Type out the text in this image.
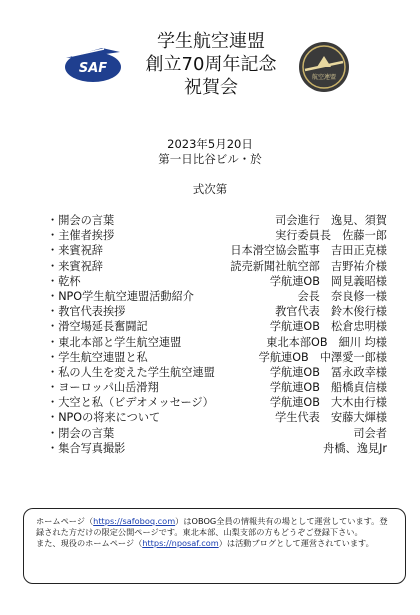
SAF
学生航空連盟
創立70周年記念
祝賀会	航空連盟
2023年5月20日
第一日比谷ビル・於
式次第
・開会の言葉	司会進行　逸見、須賀
・主催者挨拶	実行委員長　佐藤一郎
・来賓祝辞	日本滑空協会監事　吉田正克様
・来賓祝辞	読売新聞社航空部　吉野祐介様
・乾杯	学航連OB　岡見義昭様
・NPO学生航空連盟活動紹介	会長　奈良修一様
・教官代表挨拶	教官代表　鈴木俊行様
・滑空場延長奮闘記	学航連OB　松倉忠明様
・東北本部と学生航空連盟	東北本部OB　細川 均様
・学生航空連盟と私	学航連OB　中澤愛一郎様
・私の人生を変えた学生航空連盟	学航連OB　冨永政幸様
・ヨーロッパ山岳滑翔	学航連OB　船橋貞信様
・大空と私（ビデオメッセージ）	学航連OB　大木由行様
・NPOの将来について	学生代表　安藤大煇様
・閉会の言葉	司会者
・集合写真撮影	舟橋、逸見Jr

ホームページ（https://safoboq.com）はOBOG全員の情報共有の場として運営しています。登録された方だけの限定公開ページです。東北本部、山梨支部の方もどうぞご登録下さい。

また、現役のホームページ（https://nposaf.com）は活動ブログとして運営されています。
